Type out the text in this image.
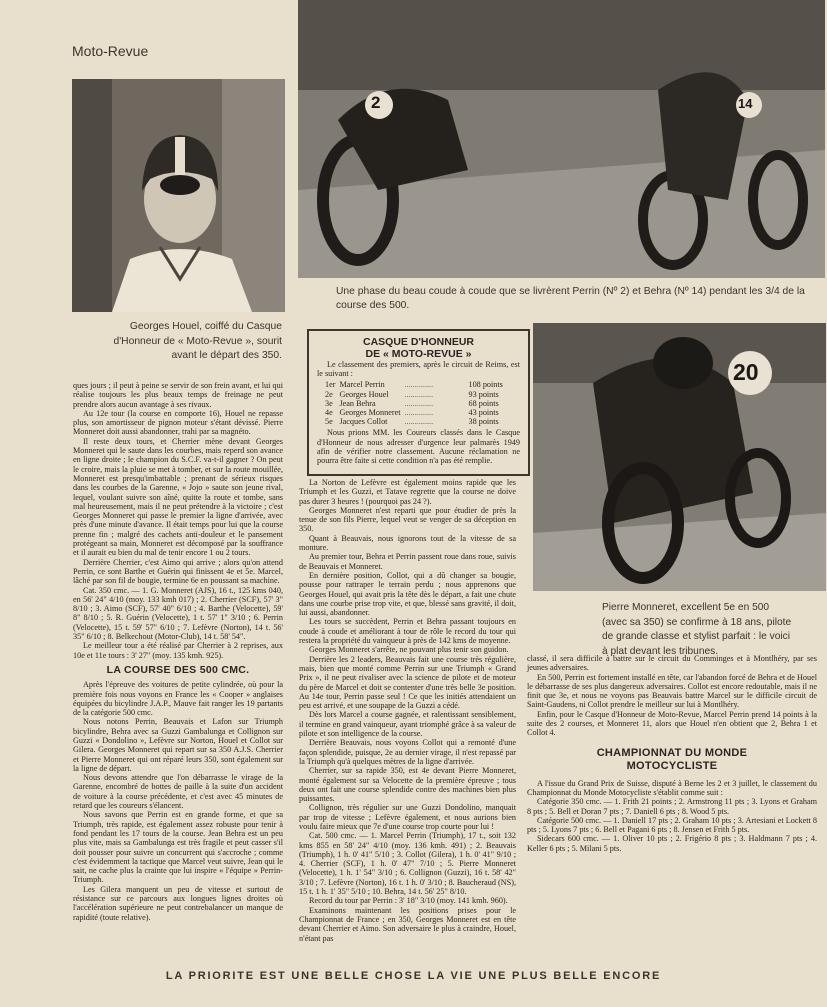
Moto-Revue
Georges Houel, coiffé du Casque d'Honneur de « Moto-Revue », sourit avant le départ des 350.
2	14
Une phase du beau coude à coude que se livrèrent Perrin (Nº 2) et Behra (Nº 14) pendant les 3/4 de la course des 500.
CASQUE D'HONNEUR
DE « MOTO-REVUE »
Le classement des premiers, après le circuit de Reims, est le suivant :
1er	Marcel Perrin	..............	108 points
2e	Georges Houel	..............	93 points
3e	Jean Behra	..............	68 points
4e	Georges Monneret	..............	43 points
5e	Jacques Collot	..............	38 points
Nous prions MM. les Coureurs classés dans le Casque d'Honneur de nous adresser d'urgence leur palmarès 1949 afin de vérifier notre classement. Aucune réclamation ne pourra être faite si cette condition n'a pas été remplie.
20
Pierre Monneret, excellent 5e en 500 (avec sa 350) se confirme à 18 ans, pilote de grande classe et stylist parfait : le voici à plat devant les tribunes.

ques jours ; il peut à peine se servir de son frein avant, et lui qui réalise toujours les plus beaux temps de freinage ne peut prendre alors aucun avantage à ses rivaux.

Au 12e tour (la course en comporte 16), Houel ne repasse plus, son amortisseur de pignon moteur s'étant dévissé. Pierre Monneret doit aussi abandonner, trahi par sa magnéto.

Il reste deux tours, et Cherrier mène devant Georges Monneret qui le saute dans les courbes, mais reperd son avance en ligne droite ; le champion du S.C.F. va-t-il gagner ? On peut le croire, mais la pluie se met à tomber, et sur la route mouillée, Monneret est presqu'imbattable ; prenant de sérieux risques dans les courbes de la Garenne, « Jojo » saute son jeune rival, lequel, voulant suivre son aîné, quitte la route et tombe, sans mal heureusement, mais il ne peut prétendre à la victoire ; c'est Georges Monneret qui passe le premier la ligne d'arrivée, avec près d'une minute d'avance. Il était temps pour lui que la course prenne fin ; malgré des cachets anti-douleur et le pansement protégeant sa main, Monneret est décomposé par la souffrance et il aurait eu bien du mal de tenir encore 1 ou 2 tours.

Derrière Cherrier, c'est Aimo qui arrive ; alors qu'on attend Perrin, ce sont Barthe et Guérin qui finissent 4e et 5e. Marcel, lâché par son fil de bougie, termine 6e en poussant sa machine.

Cat. 350 cmc. — 1. G. Monneret (AJS), 16 t., 125 kms 040, en 56' 24" 4/10 (moy. 133 kmh 017) ; 2. Cherrier (SCF), 57' 3" 8/10 ; 3. Aimo (SCF), 57' 40" 6/10 ; 4. Barthe (Velocette), 59' 8" 8/10 ; 5. R. Guérin (Velocette), 1 t. 57' 1" 3/10 ; 6. Perrin (Velocette), 15 t. 59' 57" 6/10 ; 7. Lefèvre (Norton), 14 t. 56' 35" 6/10 ; 8. Belkechout (Motor-Club), 14 t. 58' 54".

Le meilleur tour a été réalisé par Cherrier à 2 reprises, aux 10e et 11e tours : 3' 27" (moy. 135 kmh. 925).

LA COURSE DES 500 CMC.

Après l'épreuve des voitures de petite cylindrée, où pour la première fois nous voyons en France les « Cooper » anglaises équipées du bicylindre J.A.P., Mauve fait ranger les 19 partants de la catégorie 500 cmc.

Nous notons Perrin, Beauvais et Lafon sur Triumph bicylindre, Behra avec sa Guzzi Gambalunga et Collignon sur Guzzi « Dondolino », Lefèvre sur Norton, Houel et Collot sur Gilera. Georges Monneret qui repart sur sa 350 A.J.S. Cherrier et Pierre Monneret qui ont réparé leurs 350, sont également sur la ligne de départ.

Nous devons attendre que l'on débarrasse le virage de la Garenne, encombré de bottes de paille à la suite d'un accident de voiture à la course précédente, et c'est avec 45 minutes de retard que les coureurs s'élancent.

Nous savons que Perrin est en grande forme, et que sa Triumph, très rapide, est également assez robuste pour tenir à fond pendant les 17 tours de la course. Jean Behra est un peu plus vite, mais sa Gambalunga est très fragile et peut casser s'il doit pousser pour suivre un concurrent qui s'accroche ; comme c'est évidemment la tactique que Marcel veut suivre, Jean qui le sait, ne cache plus la crainte que lui inspire « l'équipe » Perrin-Triumph.

Les Gilera manquent un peu de vitesse et surtout de résistance sur ce parcours aux longues lignes droites où l'accélération supérieure ne peut contrebalancer un manque de rapidité (toute relative).

La Norton de Lefèvre est également moins rapide que les Triumph et les Guzzi, et Tatave regrette que la course ne doive pas durer 3 heures ! (pourquoi pas 24 ?).

Georges Monneret n'est reparti que pour étudier de près la tenue de son fils Pierre, lequel veut se venger de sa déception en 350.

Quant à Beauvais, nous ignorons tout de la vitesse de sa monture.

Au premier tour, Behra et Perrin passent roue dans roue, suivis de Beauvais et Monneret.

En dernière position, Collot, qui a dû changer sa bougie, pousse pour rattraper le terrain perdu ; nous apprenons que Georges Houel, qui avait pris la tête dès le départ, a fait une chute dans une courbe prise trop vite, et que, blessé sans gravité, il doit, lui aussi, abandonner.

Les tours se succèdent, Perrin et Behra passant toujours en coude à coude et améliorant à tour de rôle le record du tour qui restera la propriété du vainqueur à près de 142 kms de moyenne.

Georges Monneret s'arrête, ne pouvant plus tenir son guidon.

Derrière les 2 leaders, Beauvais fait une course très régulière, mais, bien que monté comme Perrin sur une Triumph « Grand Prix », il ne peut rivaliser avec la science de pilote et de moteur du père de Marcel et doit se contenter d'une très belle 3e position. Au 14e tour, Perrin passe seul ! Ce que les initiés attendaient un peu est arrivé, et une soupape de la Guzzi a cédé.

Dès lors Marcel a course gagnée, et ralentissant sensiblement, il termine en grand vainqueur, ayant triomphé grâce à sa valeur de pilote et son intelligence de la course.

Derrière Beauvais, nous voyons Collot qui a remonté d'une façon splendide, puisque, 2e au dernier virage, il n'est repassé par la Triumph qu'à quelques mètres de la ligne d'arrivée.

Cherrier, sur sa rapide 350, est 4e devant Pierre Monneret, monté également sur sa Velocette de la première épreuve ; tous deux ont fait une course splendide contre des machines bien plus puissantes.

Collignon, très régulier sur une Guzzi Dondolino, manquait par trop de vitesse ; Lefèvre également, et nous aurions bien voulu faire mieux que 7e d'une course trop courte pour lui !

Cat. 500 cmc. — 1. Marcel Perrin (Triumph), 17 t., soit 132 kms 855 en 58' 24" 4/10 (moy. 136 kmh. 491) ; 2. Beauvais (Triumph), 1 h. 0' 41" 5/10 ; 3. Collot (Gilera), 1 h. 0' 41" 9/10 ; 4. Cherrier (SCF), 1 h. 0' 47" 7/10 ; 5. Pierre Monneret (Velocette), 1 h. 1' 54" 3/10 ; 6. Collignon (Guzzi), 16 t. 58' 42" 3/10 ; 7. Lefèvre (Norton), 16 t. 1 h. 0' 3/10 ; 8. Baucheraud (NS), 15 t. 1 h. 1' 35" 5/10 ; 10. Behra, 14 t. 56' 25" 8/10.

Record du tour par Perrin : 3' 18" 3/10 (moy. 141 kmh. 960).

Examinons maintenant les positions prises pour le Championnat de France ; en 350, Georges Monneret est en tête devant Cherrier et Aimo. Son adversaire le plus à craindre, Houel, n'étant pas

classé, il sera difficile à battre sur le circuit du Comminges et à Montlhéry, par ses jeunes adversaires.

En 500, Perrin est fortement installé en tête, car l'abandon forcé de Behra et de Houel le débarrasse de ses plus dangereux adversaires. Collot est encore redoutable, mais il ne finit que 3e, et nous ne voyons pas Beauvais battre Marcel sur le difficile circuit de Saint-Gaudens, ni Collot prendre le meilleur sur lui à Montlhéry.

Enfin, pour le Casque d'Honneur de Moto-Revue, Marcel Perrin prend 14 points à la suite des 2 courses, et Monneret 11, alors que Houel n'en obtient que 2, Behra 1 et Collot 4.

CHAMPIONNAT DU MONDE MOTOCYCLISTE

A l'issue du Grand Prix de Suisse, disputé à Berne les 2 et 3 juillet, le classement du Championnat du Monde Motocycliste s'établit comme suit :

Catégorie 350 cmc. — 1. Frith 21 points ; 2. Armstrong 11 pts ; 3. Lyons et Graham 8 pts ; 5. Bell et Doran 7 pts ; 7. Daniell 6 pts ; 8. Wood 5 pts.

Catégorie 500 cmc. — 1. Daniell 17 pts ; 2. Graham 10 pts ; 3. Artesiani et Lockett 8 pts ; 5. Lyons 7 pts ; 6. Bell et Pagani 6 pts ; 8. Jensen et Frith 5 pts.

Sidecars 600 cmc. — 1. Oliver 10 pts ; 2. Frigério 8 pts ; 3. Haldmann 7 pts ; 4. Keller 6 pts ; 5. Milani 5 pts.

LA PRIORITE EST UNE BELLE CHOSE LA VIE UNE PLUS BELLE ENCORE
